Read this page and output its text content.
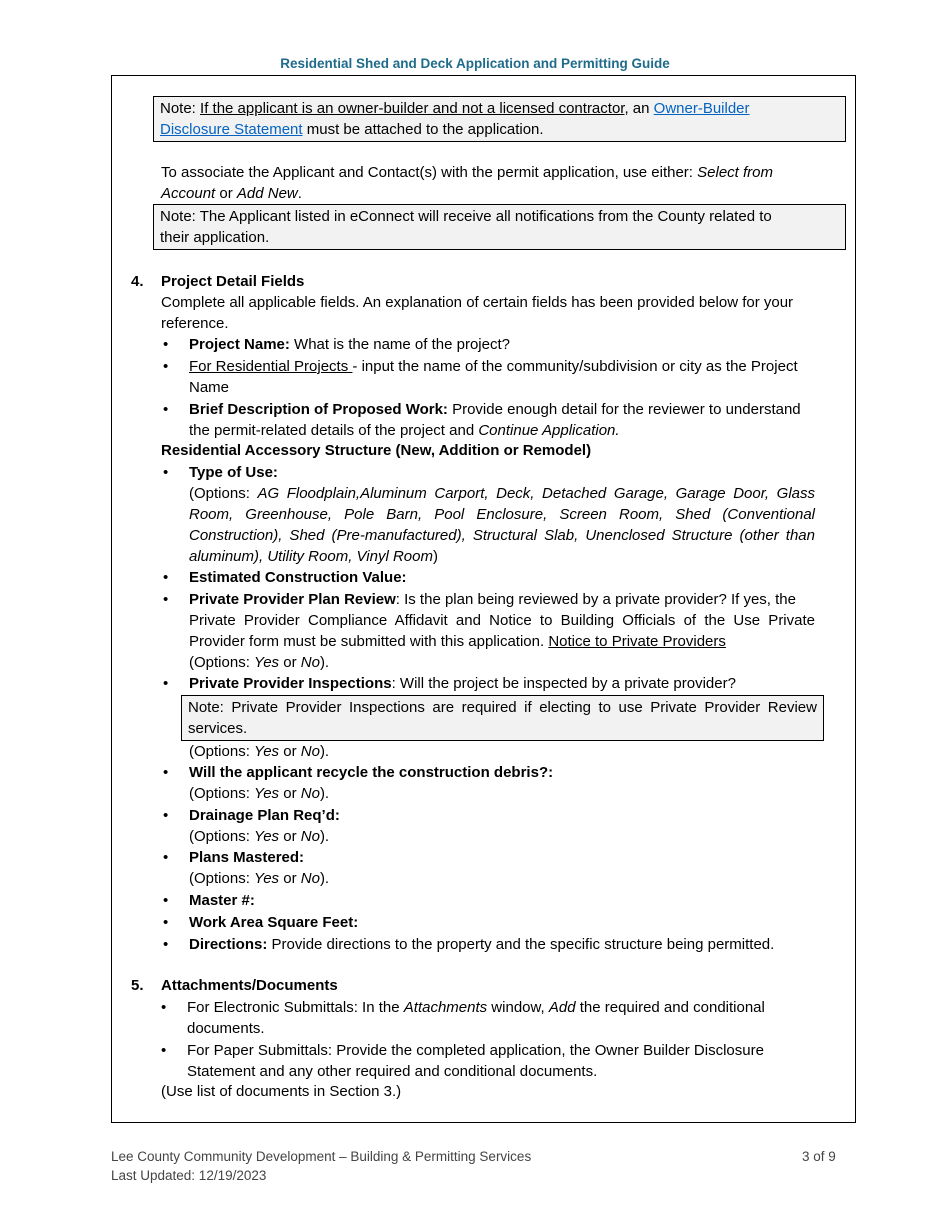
Residential Shed and Deck Application and Permitting Guide
Note: If the applicant is an owner-builder and not a licensed contractor, an Owner-Builder
Disclosure Statement must be attached to the application.
To associate the Applicant and Contact(s) with the permit application, use either: Select from
Account or Add New.
Note: The Applicant listed in eConnect will receive all notifications from the County related to
their application.
4. Project Detail Fields
Complete all applicable fields. An explanation of certain fields has been provided below for your
reference.
• Project Name: What is the name of the project?
• For Residential Projects - input the name of the community/subdivision or city as the Project
Name
• Brief Description of Proposed Work: Provide enough detail for the reviewer to understand
the permit-related details of the project and Continue Application.
Residential Accessory Structure (New, Addition or Remodel)
• Type of Use:
(Options: AG Floodplain,Aluminum Carport, Deck, Detached Garage, Garage Door, Glass
Room, Greenhouse, Pole Barn, Pool Enclosure, Screen Room, Shed (Conventional
Construction), Shed (Pre-manufactured), Structural Slab, Unenclosed Structure (other than
aluminum), Utility Room, Vinyl Room)
• Estimated Construction Value:
• Private Provider Plan Review: Is the plan being reviewed by a private provider? If yes, the
Private Provider Compliance Affidavit and Notice to Building Officials of the Use Private
Provider form must be submitted with this application. Notice to Private Providers
(Options: Yes or No).
• Private Provider Inspections: Will the project be inspected by a private provider?
Note: Private Provider Inspections are required if electing to use Private Provider Review
services.
(Options: Yes or No).
• Will the applicant recycle the construction debris?:
(Options: Yes or No).
• Drainage Plan Req’d:
(Options: Yes or No).
• Plans Mastered:
(Options: Yes or No).
• Master #:
• Work Area Square Feet:
• Directions: Provide directions to the property and the specific structure being permitted.
5. Attachments/Documents
• For Electronic Submittals: In the Attachments window, Add the required and conditional
documents.
• For Paper Submittals: Provide the completed application, the Owner Builder Disclosure
Statement and any other required and conditional documents.
(Use list of documents in Section 3.)
Lee County Community Development – Building & Permitting Services
Last Updated: 12/19/2023
3 of 9
